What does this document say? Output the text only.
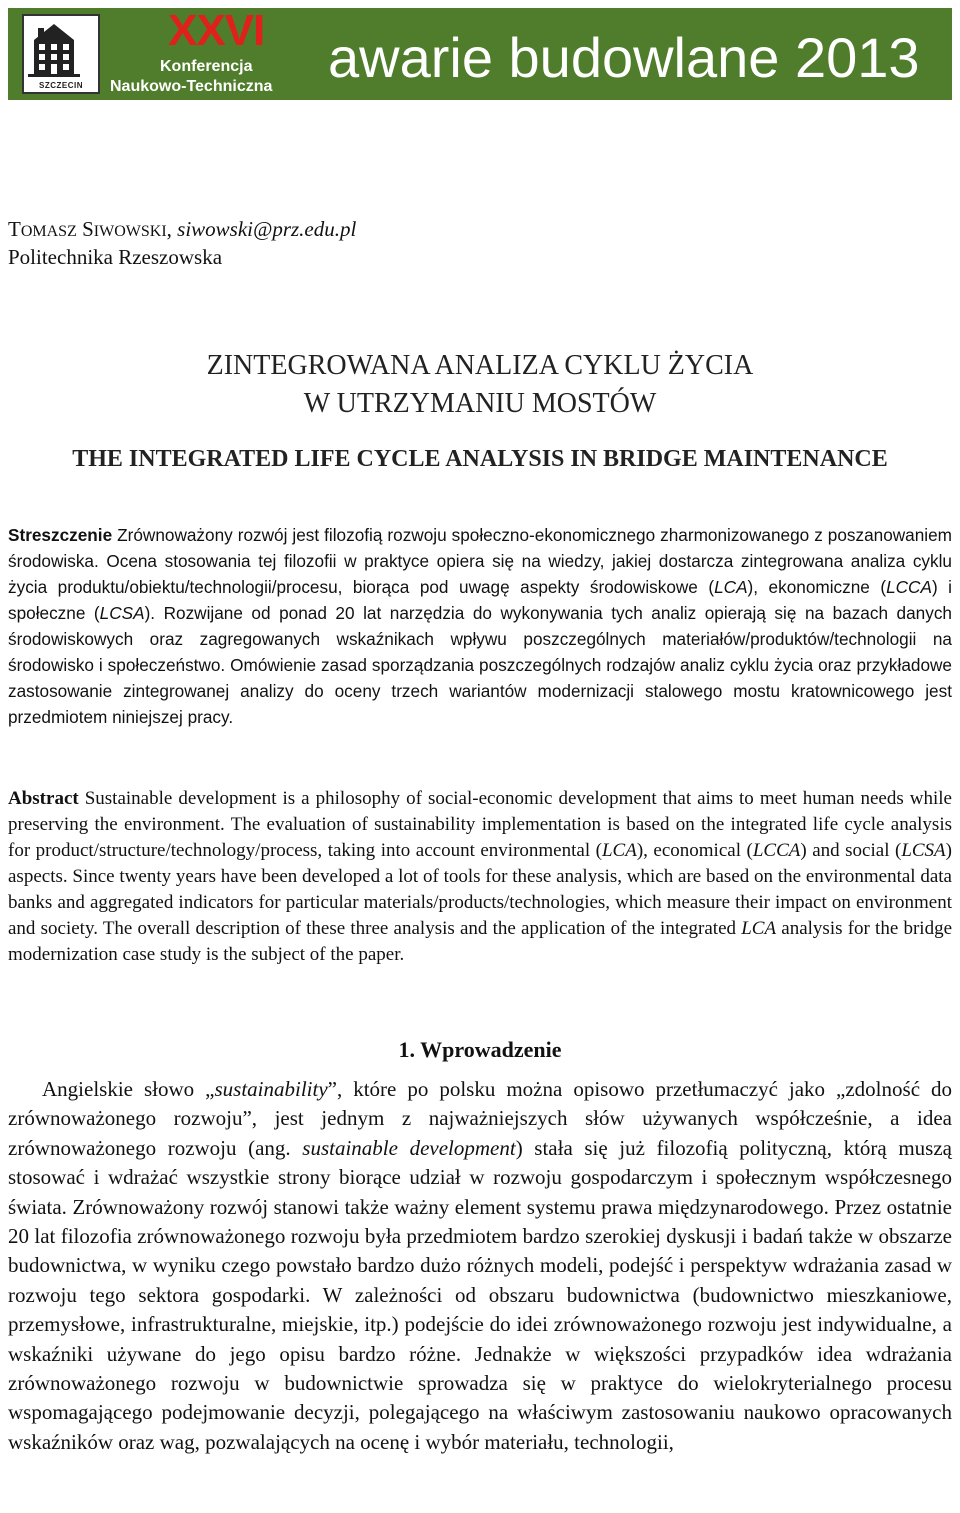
SZCZECIN
XXVI
Konferencja
Naukowo-Techniczna awarie budowlane 2013
TOMASZ SIWOWSKI, siwowski@prz.edu.pl
Politechnika Rzeszowska
ZINTEGROWANA ANALIZA CYKLU ŻYCIA
W UTRZYMANIU MOSTÓW
THE INTEGRATED LIFE CYCLE ANALYSIS IN BRIDGE MAINTENANCE
Streszczenie Zrównoważony rozwój jest filozofią rozwoju społeczno-ekonomicznego zharmonizowanego z poszanowaniem środowiska. Ocena stosowania tej filozofii w praktyce opiera się na wiedzy, jakiej dostarcza zintegrowana analiza cyklu życia produktu/obiektu/technologii/procesu, biorąca pod uwagę aspekty środowiskowe (LCA), ekonomiczne (LCCA) i społeczne (LCSA). Rozwijane od ponad 20 lat narzędzia do wykonywania tych analiz opierają się na bazach danych środowiskowych oraz zagregowanych wskaźnikach wpływu poszczególnych materiałów/produktów/technologii na środowisko i społeczeństwo. Omówienie zasad sporządzania poszczególnych rodzajów analiz cyklu życia oraz przykładowe zastosowanie zintegrowanej analizy do oceny trzech wariantów modernizacji stalowego mostu kratownicowego jest przedmiotem niniejszej pracy.
Abstract Sustainable development is a philosophy of social-economic development that aims to meet human needs while preserving the environment. The evaluation of sustainability implementation is based on the integrated life cycle analysis for product/structure/technology/process, taking into account environmental (LCA), economical (LCCA) and social (LCSA) aspects. Since twenty years have been developed a lot of tools for these analysis, which are based on the environmental data banks and aggregated indicators for particular materials/products/technologies, which measure their impact on environment and society. The overall description of these three analysis and the application of the integrated LCA analysis for the bridge modernization case study is the subject of the paper.
1. Wprowadzenie
Angielskie słowo „sustainability”, które po polsku można opisowo przetłumaczyć jako „zdolność do zrównoważonego rozwoju”, jest jednym z najważniejszych słów używanych współcześnie, a idea zrównoważonego rozwoju (ang. sustainable development) stała się już filozofią polityczną, którą muszą stosować i wdrażać wszystkie strony biorące udział w rozwoju gospodarczym i społecznym współczesnego świata. Zrównoważony rozwój stanowi także ważny element systemu prawa międzynarodowego. Przez ostatnie 20 lat filozofia zrównoważonego rozwoju była przedmiotem bardzo szerokiej dyskusji i badań także w obszarze budownictwa, w wyniku czego powstało bardzo dużo różnych modeli, podejść i perspektyw wdrażania zasad w rozwoju tego sektora gospodarki. W zależności od obszaru budownictwa (budownictwo mieszkaniowe, przemysłowe, infrastrukturalne, miejskie, itp.) podejście do idei zrównoważonego rozwoju jest indywidualne, a wskaźniki używane do jego opisu bardzo różne. Jednakże w większości przypadków idea wdrażania zrównoważonego rozwoju w budownictwie sprowadza się w praktyce do wielokryterialnego procesu wspomagającego podejmowanie decyzji, polegającego na właściwym zastosowaniu naukowo opracowanych wskaźników oraz wag, pozwalających na ocenę i wybór materiału, technologii,
